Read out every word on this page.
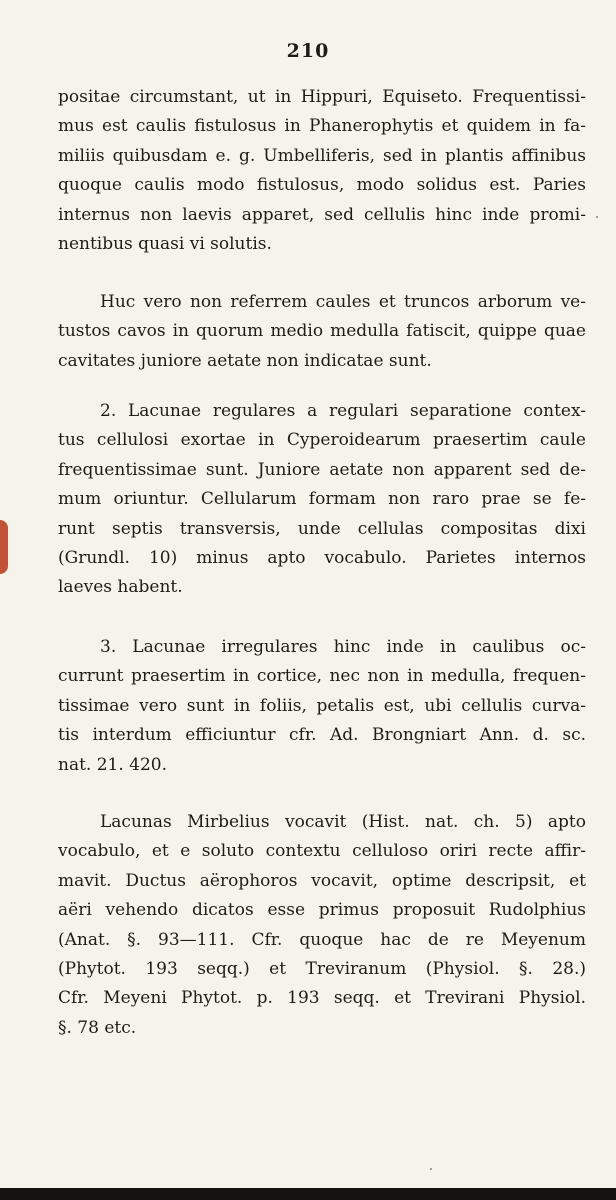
210
positae circumstant, ut in Hippuri, Equiseto. Frequentissi-
mus est caulis fistulosus in Phanerophytis et quidem in fa-
miliis quibusdam e. g. Umbelliferis, sed in plantis affinibus
quoque caulis modo fistulosus, modo solidus est. Paries
internus non laevis apparet, sed cellulis hinc inde promi-
nentibus quasi vi solutis.
Huc vero non referrem caules et truncos arborum ve-
tustos cavos in quorum medio medulla fatiscit, quippe quae
cavitates juniore aetate non indicatae sunt.
2. Lacunae regulares a regulari separatione contex-
tus cellulosi exortae in Cyperoidearum praesertim caule
frequentissimae sunt. Juniore aetate non apparent sed de-
mum oriuntur. Cellularum formam non raro prae se fe-
runt septis transversis, unde cellulas compositas dixi
(Grundl. 10) minus apto vocabulo. Parietes internos
laeves habent.
3. Lacunae irregulares hinc inde in caulibus oc-
currunt praesertim in cortice, nec non in medulla, frequen-
tissimae vero sunt in foliis, petalis est, ubi cellulis curva-
tis interdum efficiuntur cfr. Ad. Brongniart Ann. d. sc.
nat. 21. 420.
Lacunas Mirbelius vocavit (Hist. nat. ch. 5) apto
vocabulo, et e soluto contextu celluloso oriri recte affir-
mavit. Ductus aërophoros vocavit, optime descripsit, et
aëri vehendo dicatos esse primus proposuit Rudolphius
(Anat. §. 93—111. Cfr. quoque hac de re Meyenum
(Phytot. 193 seqq.) et Treviranum (Physiol. §. 28.)
Cfr. Meyeni Phytot. p. 193 seqq. et Treviranі Physiol.
§. 78 etc.
